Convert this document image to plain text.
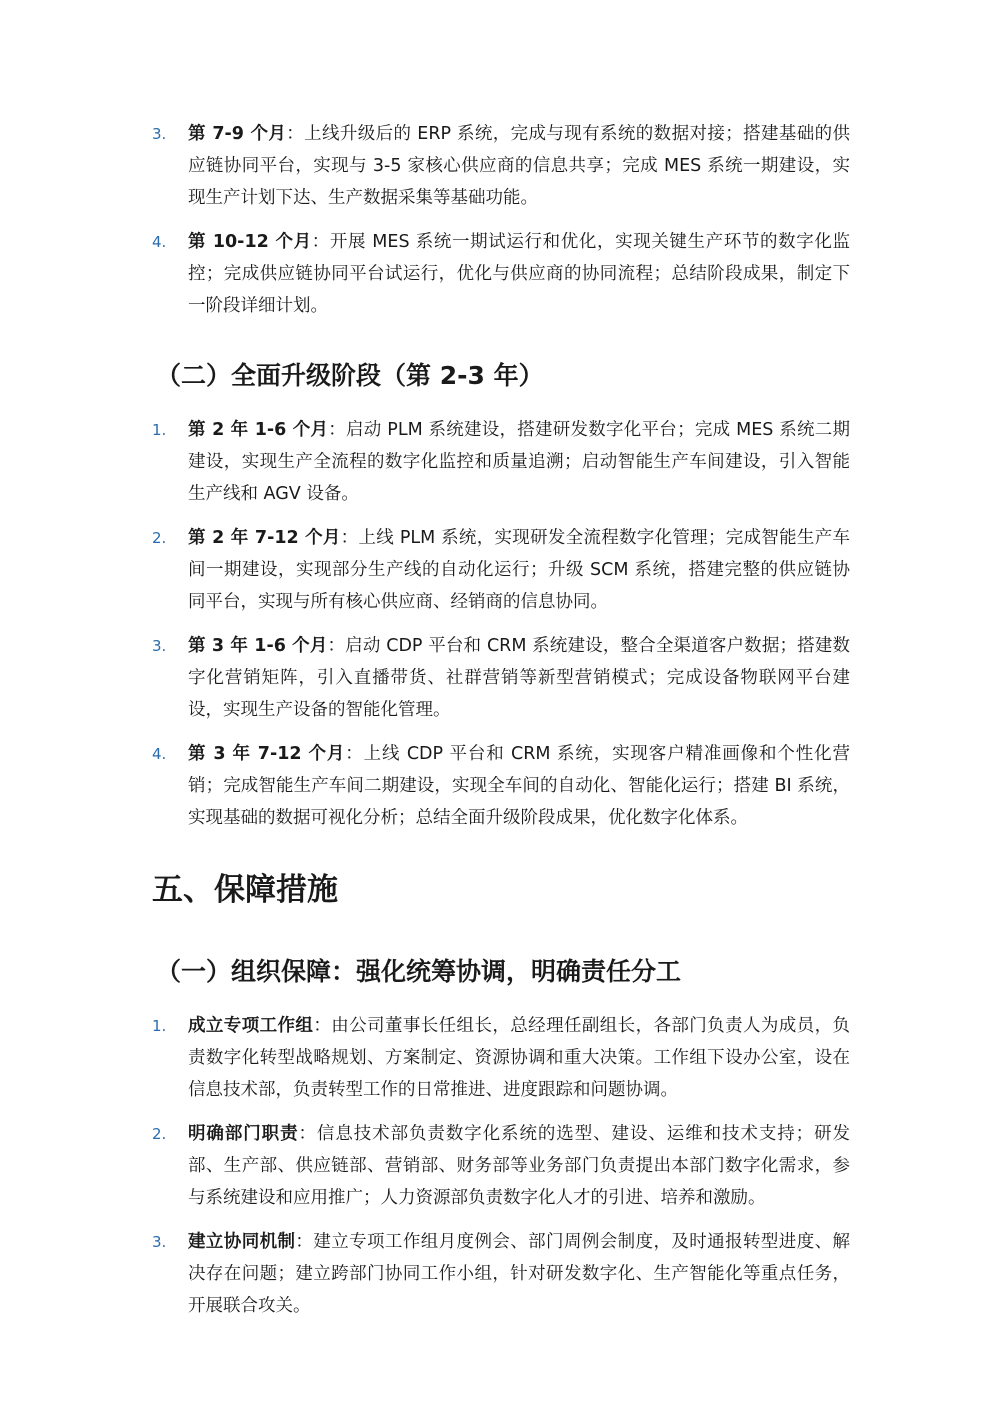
3.	第 7-9 个月：上线升级后的 ERP 系统，完成与现有系统的数据对接；搭建基础的供应链协同平台，实现与 3-5 家核心供应商的信息共享；完成 MES 系统一期建设，实现生产计划下达、生产数据采集等基础功能。
4.	第 10-12 个月：开展 MES 系统一期试运行和优化，实现关键生产环节的数字化监控；完成供应链协同平台试运行，优化与供应商的协同流程；总结阶段成果，制定下一阶段详细计划。
（二）全面升级阶段（第 2-3 年）
1.	第 2 年 1-6 个月：启动 PLM 系统建设，搭建研发数字化平台；完成 MES 系统二期建设，实现生产全流程的数字化监控和质量追溯；启动智能生产车间建设，引入智能生产线和 AGV 设备。
2.	第 2 年 7-12 个月：上线 PLM 系统，实现研发全流程数字化管理；完成智能生产车间一期建设，实现部分生产线的自动化运行；升级 SCM 系统，搭建完整的供应链协同平台，实现与所有核心供应商、经销商的信息协同。
3.	第 3 年 1-6 个月：启动 CDP 平台和 CRM 系统建设，整合全渠道客户数据；搭建数字化营销矩阵，引入直播带货、社群营销等新型营销模式；完成设备物联网平台建设，实现生产设备的智能化管理。
4.	第 3 年 7-12 个月：上线 CDP 平台和 CRM 系统，实现客户精准画像和个性化营销；完成智能生产车间二期建设，实现全车间的自动化、智能化运行；搭建 BI 系统，实现基础的数据可视化分析；总结全面升级阶段成果，优化数字化体系。
五、保障措施
（一）组织保障：强化统筹协调，明确责任分工
1.	成立专项工作组：由公司董事长任组长，总经理任副组长，各部门负责人为成员，负责数字化转型战略规划、方案制定、资源协调和重大决策。工作组下设办公室，设在信息技术部，负责转型工作的日常推进、进度跟踪和问题协调。
2.	明确部门职责：信息技术部负责数字化系统的选型、建设、运维和技术支持；研发部、生产部、供应链部、营销部、财务部等业务部门负责提出本部门数字化需求，参与系统建设和应用推广；人力资源部负责数字化人才的引进、培养和激励。
3.	建立协同机制：建立专项工作组月度例会、部门周例会制度，及时通报转型进度、解决存在问题；建立跨部门协同工作小组，针对研发数字化、生产智能化等重点任务，开展联合攻关。
